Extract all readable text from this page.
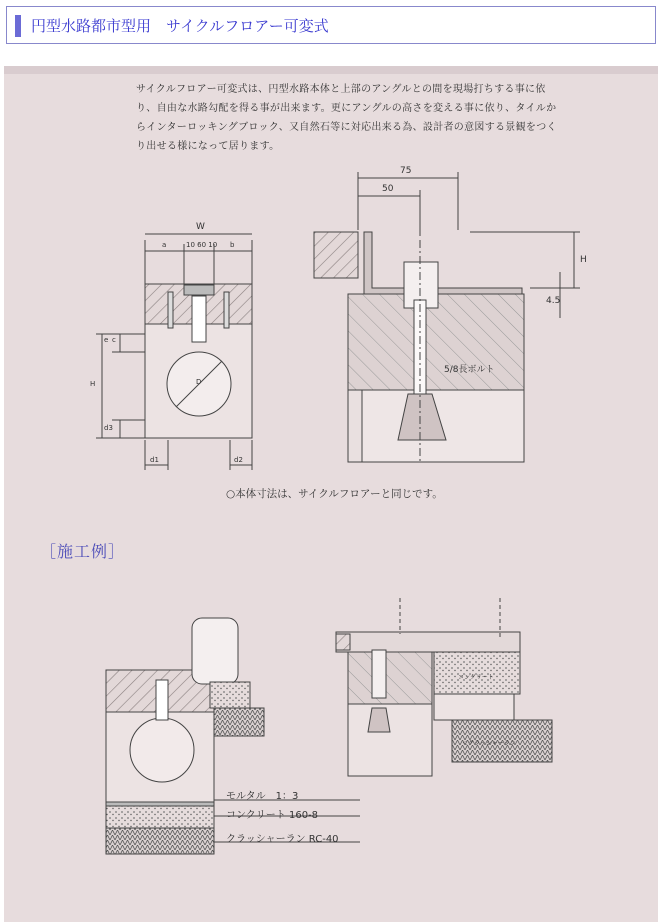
円型水路都市型用　サイクルフロアー可変式

サイクルフロアー可変式は、円型水路本体と上部のアングルとの間を現場打ちする事に依り、自由な水路勾配を得る事が出来ます。更にアングルの高さを変える事に依り、タイルからインターロッキングブロック、又自然石等に対応出来る為、設計者の意図する景観をつくり出せる様になって居ります。

W
a	10 60 10 b
e c
H	D
d3
d1	d2
75
50
H
4.5
5/8長ボルト
○本体寸法は、サイクルフロアーと同じです。
［施工例］
モルタル　1：3
コンクリート 160-8
クラッシャーラン RC-40
コンクリート
＜クラッシャーラン
